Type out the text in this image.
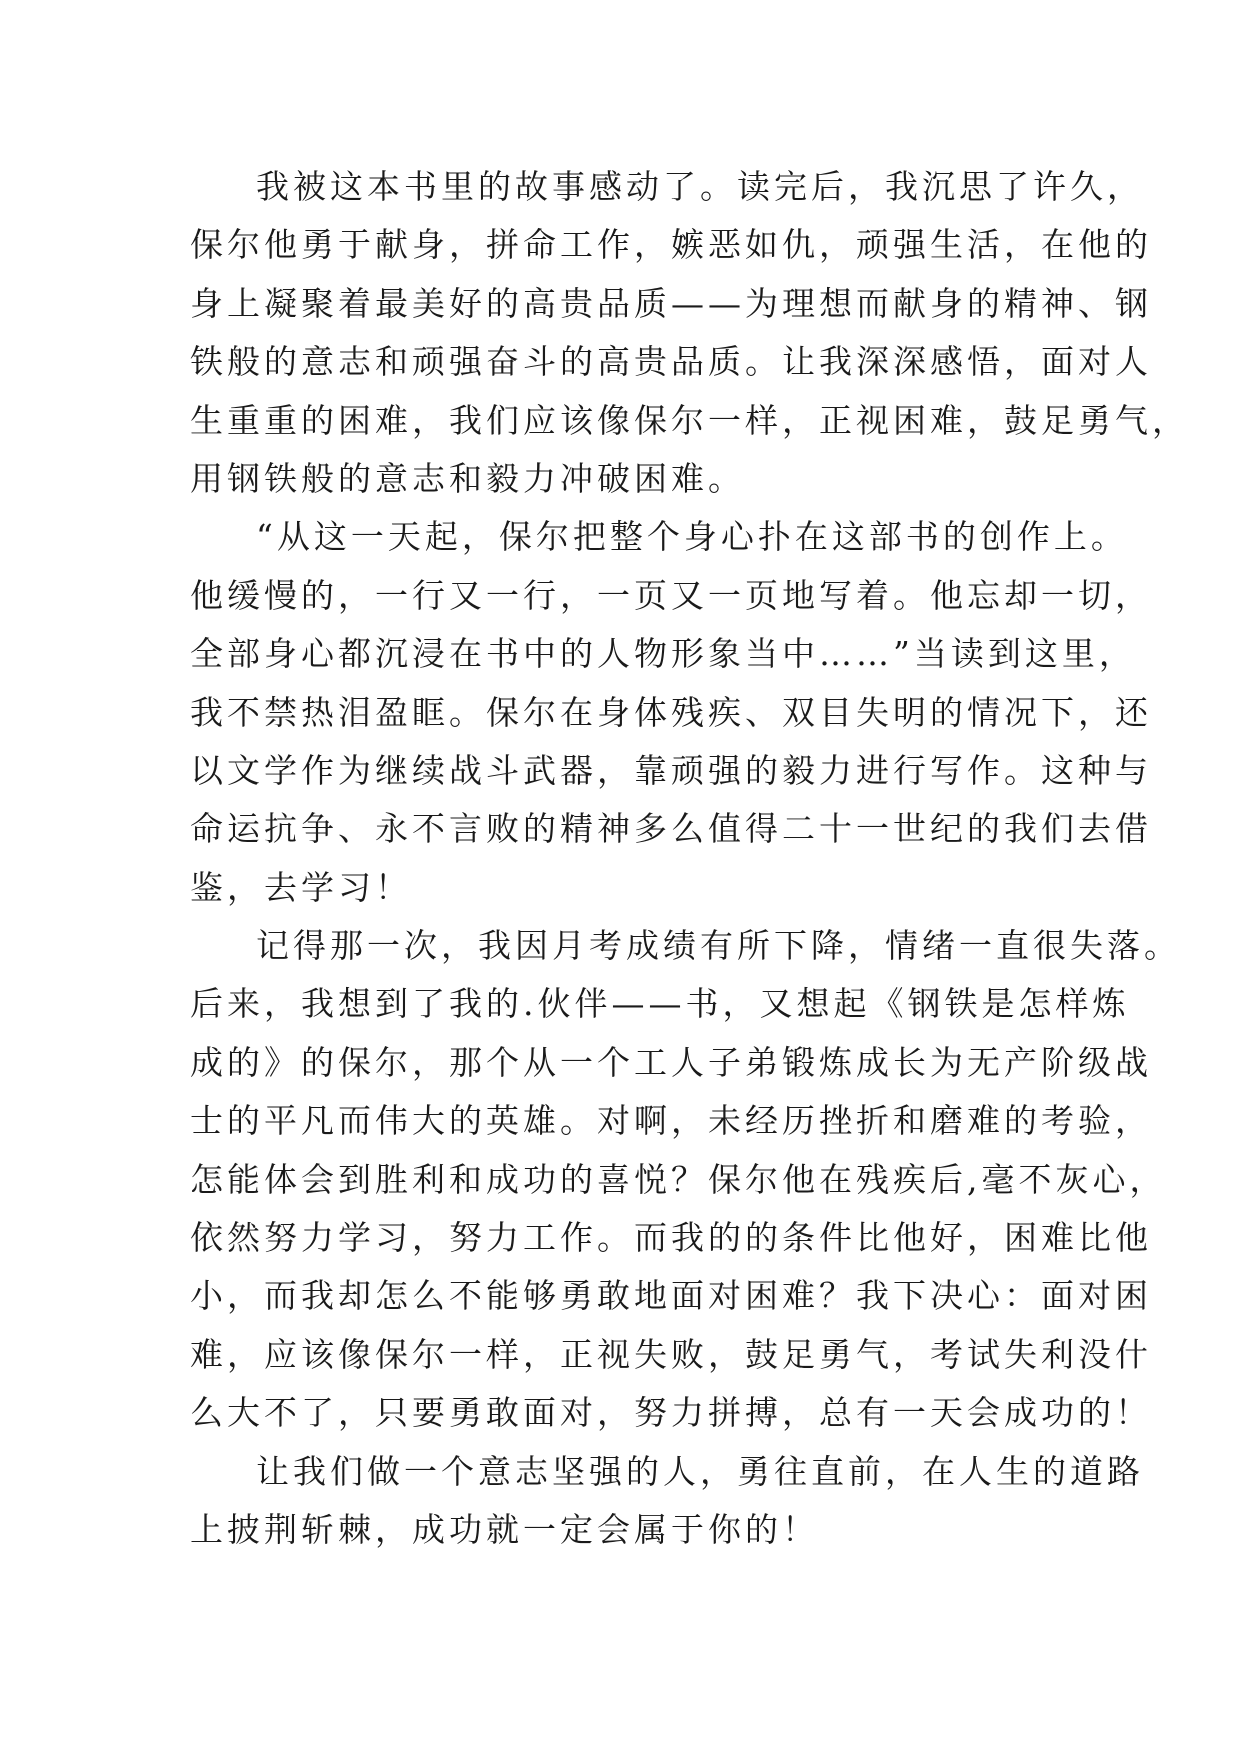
我被这本书里的故事感动了。读完后，我沉思了许久，
保尔他勇于献身，拼命工作，嫉恶如仇，顽强生活，在他的
身上凝聚着最美好的高贵品质——为理想而献身的精神、钢
铁般的意志和顽强奋斗的高贵品质。让我深深感悟，面对人
生重重的困难，我们应该像保尔一样，正视困难，鼓足勇气，
用钢铁般的意志和毅力冲破困难。
“从这一天起，保尔把整个身心扑在这部书的创作上。
他缓慢的，一行又一行，一页又一页地写着。他忘却一切，
全部身心都沉浸在书中的人物形象当中……”当读到这里，
我不禁热泪盈眶。保尔在身体残疾、双目失明的情况下，还
以文学作为继续战斗武器，靠顽强的毅力进行写作。这种与
命运抗争、永不言败的精神多么值得二十一世纪的我们去借
鉴，去学习！
记得那一次，我因月考成绩有所下降，情绪一直很失落。
后来，我想到了我的.伙伴——书，又想起《钢铁是怎样炼
成的》的保尔，那个从一个工人子弟锻炼成长为无产阶级战
士的平凡而伟大的英雄。对啊，未经历挫折和磨难的考验，
怎能体会到胜利和成功的喜悦？保尔他在残疾后,毫不灰心，
依然努力学习，努力工作。而我的的条件比他好，困难比他
小，而我却怎么不能够勇敢地面对困难？我下决心：面对困
难，应该像保尔一样，正视失败，鼓足勇气，考试失利没什
么大不了，只要勇敢面对，努力拼搏，总有一天会成功的！
让我们做一个意志坚强的人，勇往直前，在人生的道路
上披荆斩棘，成功就一定会属于你的！
